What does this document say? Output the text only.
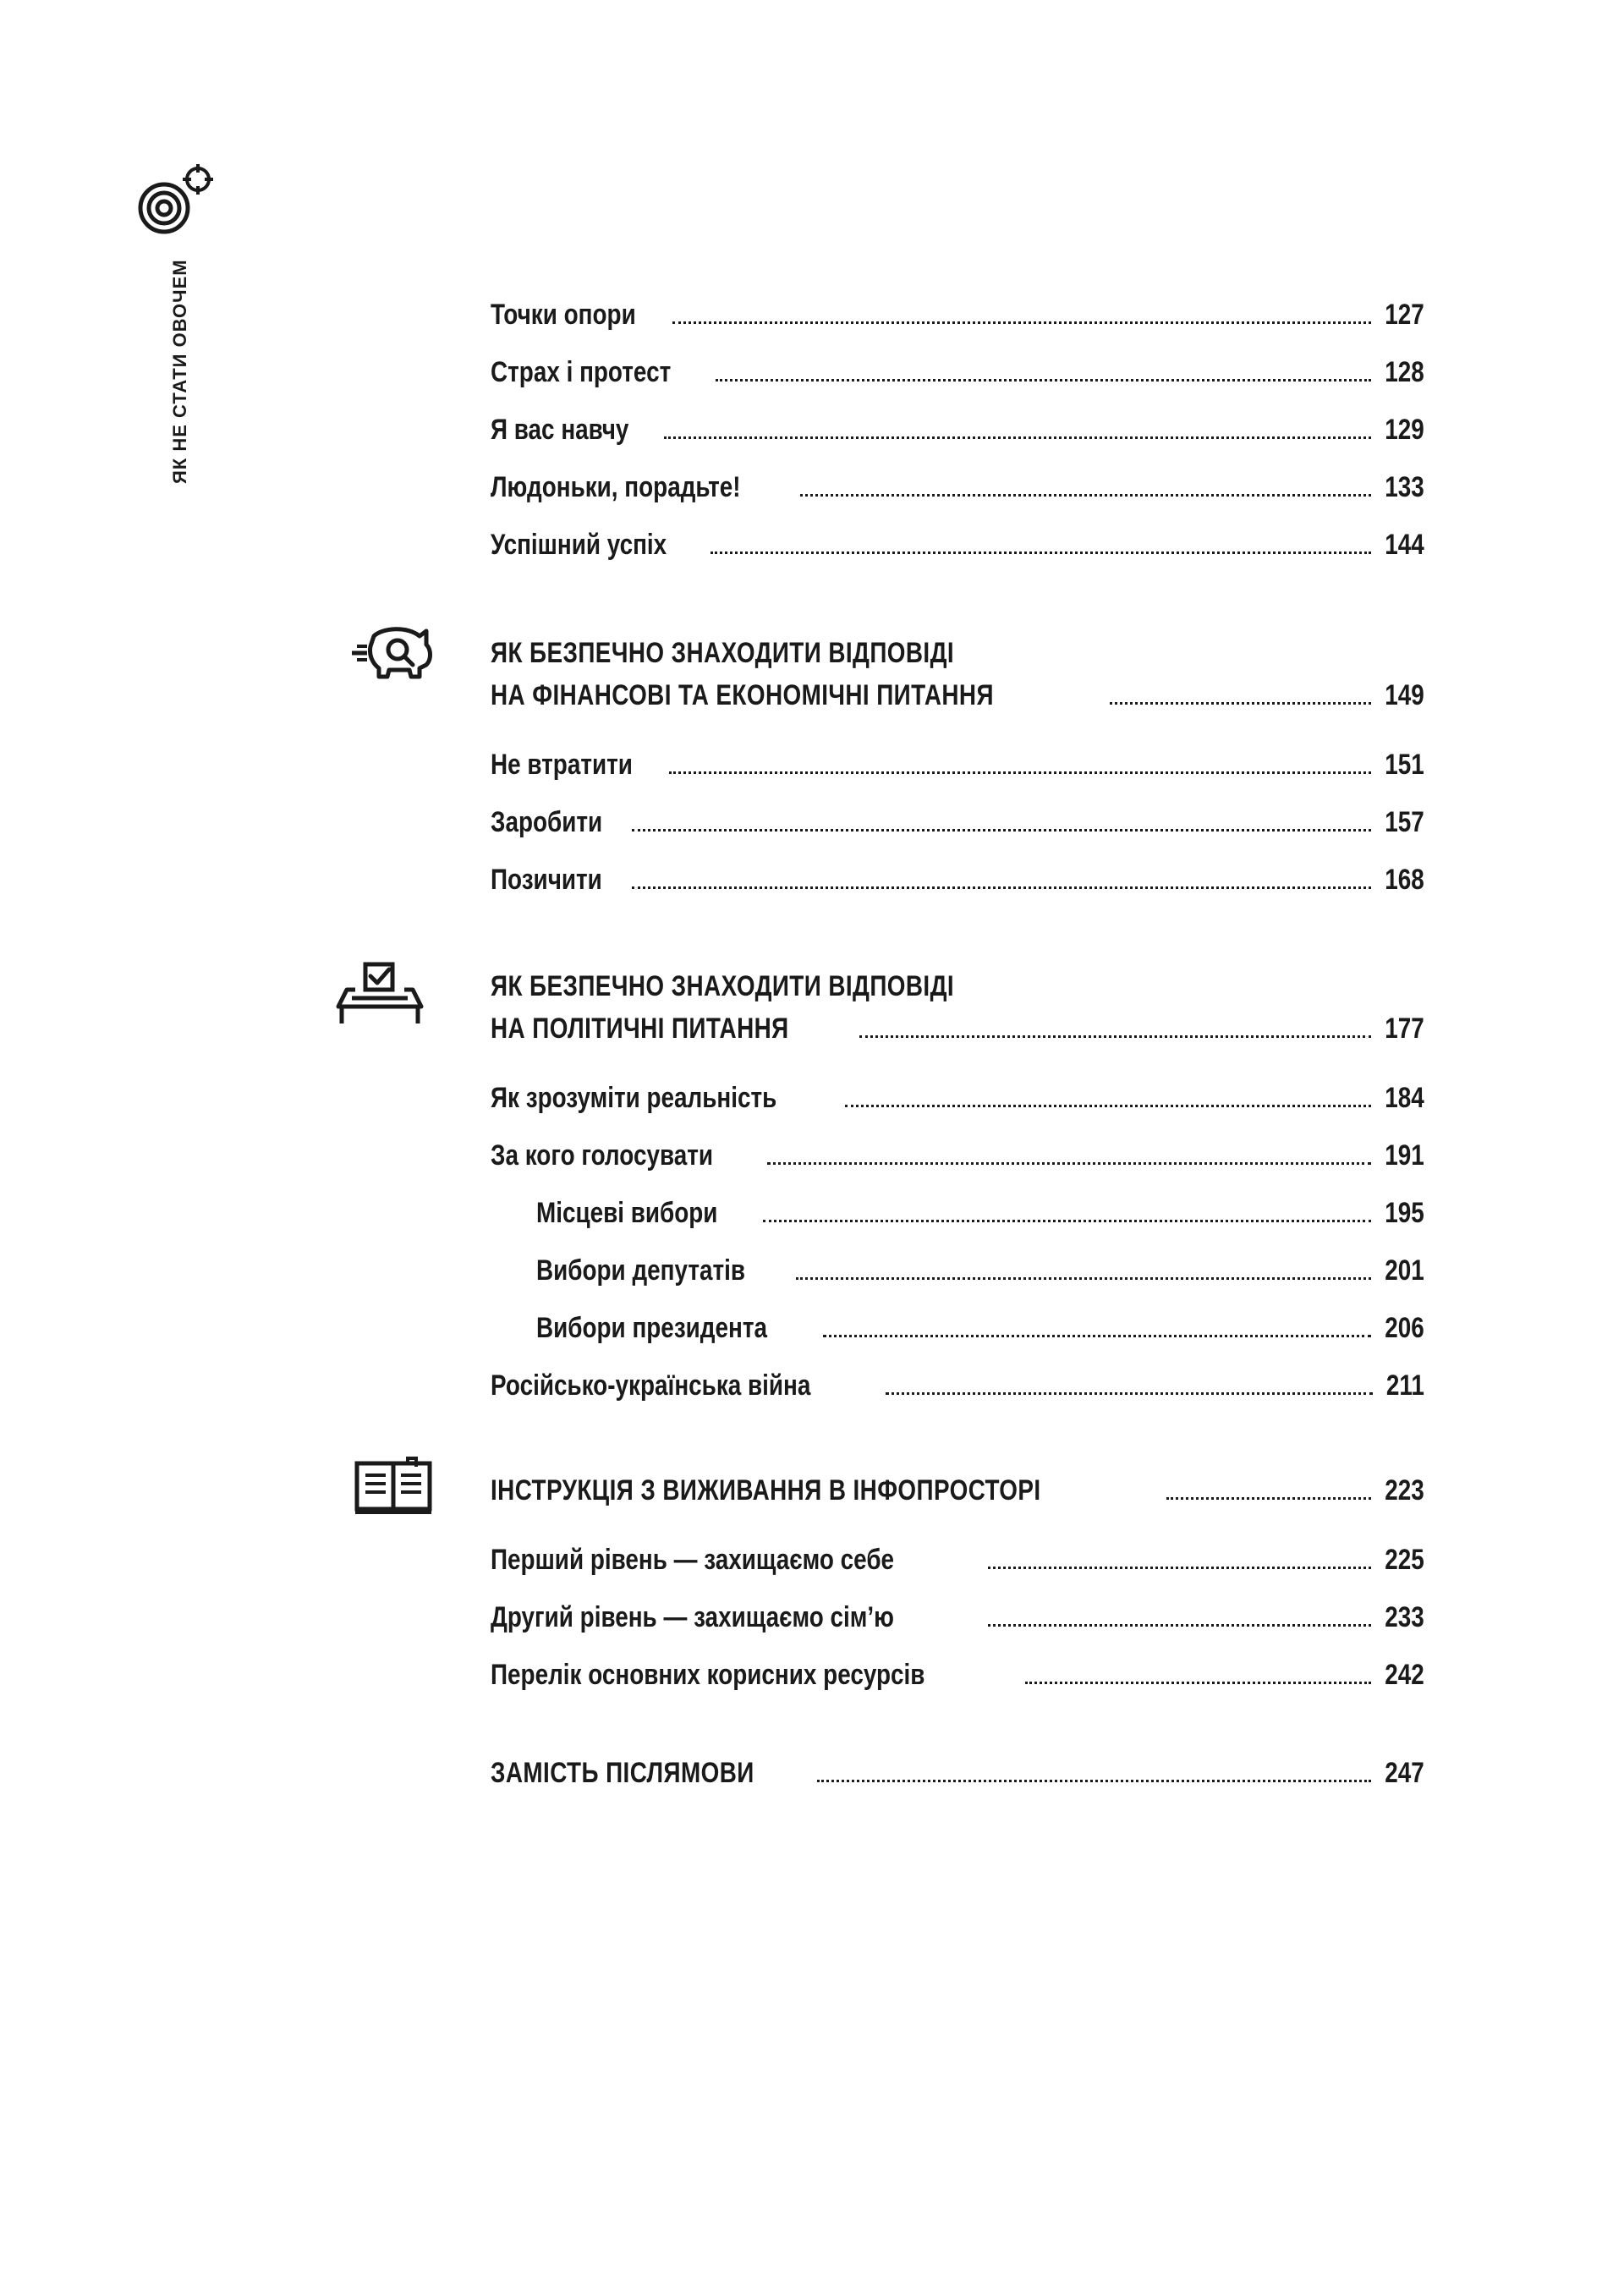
ЯК НЕ СТАТИ ОВОЧЕМ	Точки опори	127
Страх і протест	128
Я вас навчу	129
Людоньки, порадьте!	133
Успішний успіх	144
ЯК БЕЗПЕЧНО ЗНАХОДИТИ ВІДПОВІДІ
НА ФІНАНСОВІ ТА ЕКОНОМІЧНІ ПИТАННЯ	149
Не втратити	151
Заробити	157
Позичити	168
ЯК БЕЗПЕЧНО ЗНАХОДИТИ ВІДПОВІДІ
НА ПОЛІТИЧНІ ПИТАННЯ	177
Як зрозуміти реальність	184
За кого голосувати	191
Місцеві вибори	195
Вибори депутатів	201
Вибори президента	206
Російсько-українська війна	211
ІНСТРУКЦІЯ З ВИЖИВАННЯ В ІНФОПРОСТОРІ	223
Перший рівень — захищаємо себе	225
Другий рівень — захищаємо сім’ю	233
Перелік основних корисних ресурсів	242
ЗАМІСТЬ ПІСЛЯМОВИ	247
